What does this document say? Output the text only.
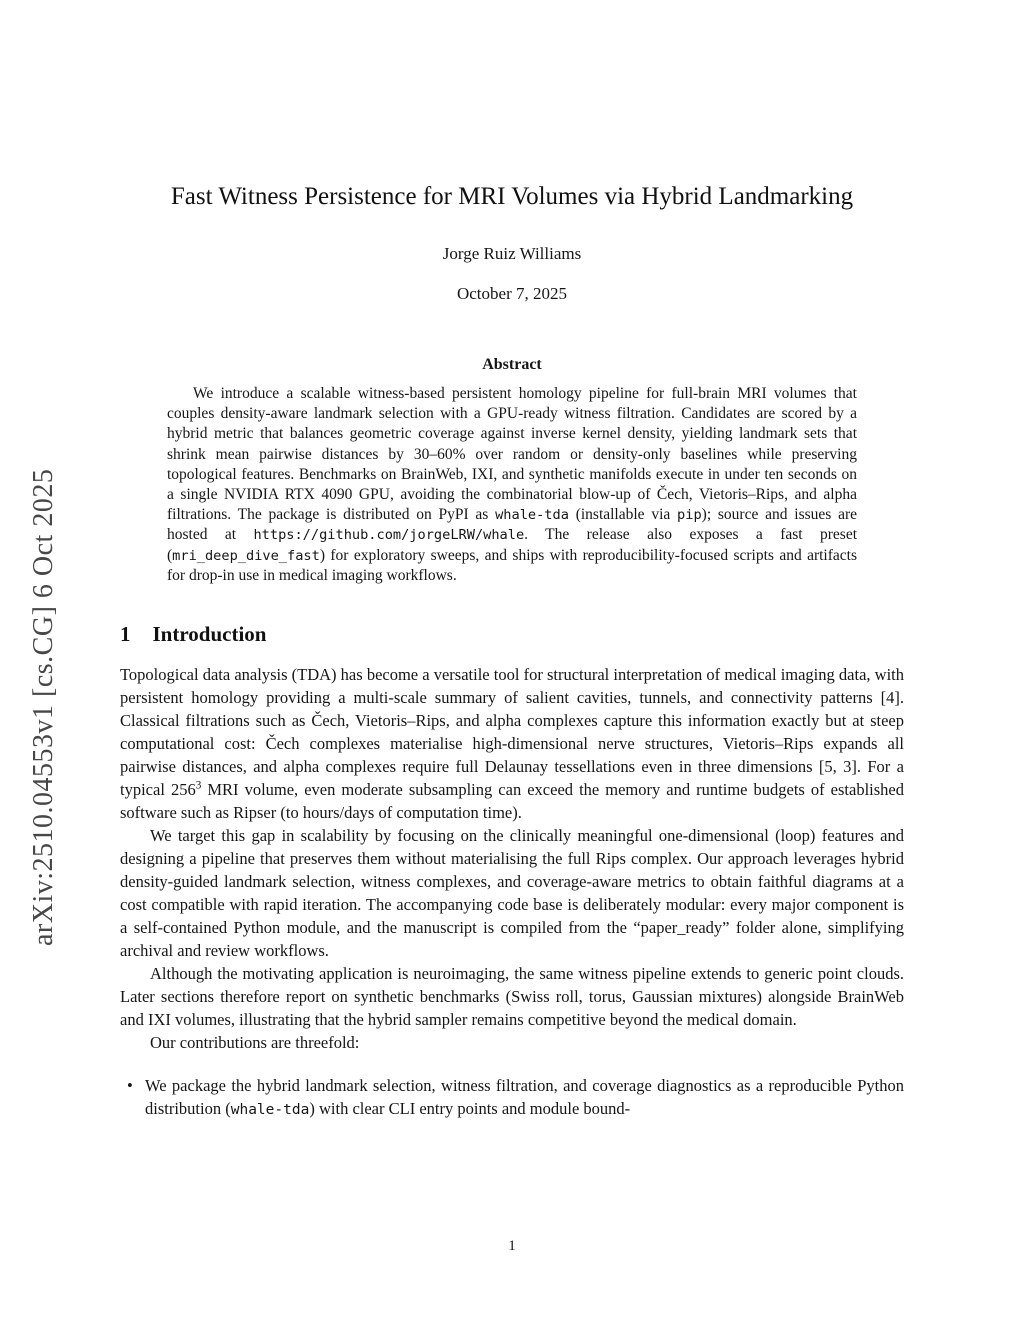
arXiv:2510.04553v1 [cs.CG] 6 Oct 2025
Fast Witness Persistence for MRI Volumes via Hybrid Landmarking
Jorge Ruiz Williams
October 7, 2025
Abstract

We introduce a scalable witness-based persistent homology pipeline for full-brain MRI volumes that couples density-aware landmark selection with a GPU-ready witness filtration. Candidates are scored by a hybrid metric that balances geometric coverage against inverse kernel density, yielding landmark sets that shrink mean pairwise distances by 30–60% over random or density-only baselines while preserving topological features. Benchmarks on BrainWeb, IXI, and synthetic manifolds execute in under ten seconds on a single NVIDIA RTX 4090 GPU, avoiding the combinatorial blow-up of Čech, Vietoris–Rips, and alpha filtrations. The package is distributed on PyPI as whale-tda (installable via pip); source and issues are hosted at https://github.com/jorgeLRW/whale. The release also exposes a fast preset (mri_deep_dive_fast) for exploratory sweeps, and ships with reproducibility-focused scripts and artifacts for drop-in use in medical imaging workflows.

1 Introduction

Topological data analysis (TDA) has become a versatile tool for structural interpretation of medical imaging data, with persistent homology providing a multi-scale summary of salient cavities, tunnels, and connectivity patterns [4]. Classical filtrations such as Čech, Vietoris–Rips, and alpha complexes capture this information exactly but at steep computational cost: Čech complexes materialise high-dimensional nerve structures, Vietoris–Rips expands all pairwise distances, and alpha complexes require full Delaunay tessellations even in three dimensions [5, 3]. For a typical $256^3$ MRI volume, even moderate subsampling can exceed the memory and runtime budgets of established software such as Ripser (to hours/days of computation time).

We target this gap in scalability by focusing on the clinically meaningful one-dimensional (loop) features and designing a pipeline that preserves them without materialising the full Rips complex. Our approach leverages hybrid density-guided landmark selection, witness complexes, and coverage-aware metrics to obtain faithful diagrams at a cost compatible with rapid iteration. The accompanying code base is deliberately modular: every major component is a self-contained Python module, and the manuscript is compiled from the “paper_ready” folder alone, simplifying archival and review workflows.

Although the motivating application is neuroimaging, the same witness pipeline extends to generic point clouds. Later sections therefore report on synthetic benchmarks (Swiss roll, torus, Gaussian mixtures) alongside BrainWeb and IXI volumes, illustrating that the hybrid sampler remains competitive beyond the medical domain.

Our contributions are threefold:

• We package the hybrid landmark selection, witness filtration, and coverage diagnostics as a reproducible Python distribution (whale-tda) with clear CLI entry points and module bound-
1
